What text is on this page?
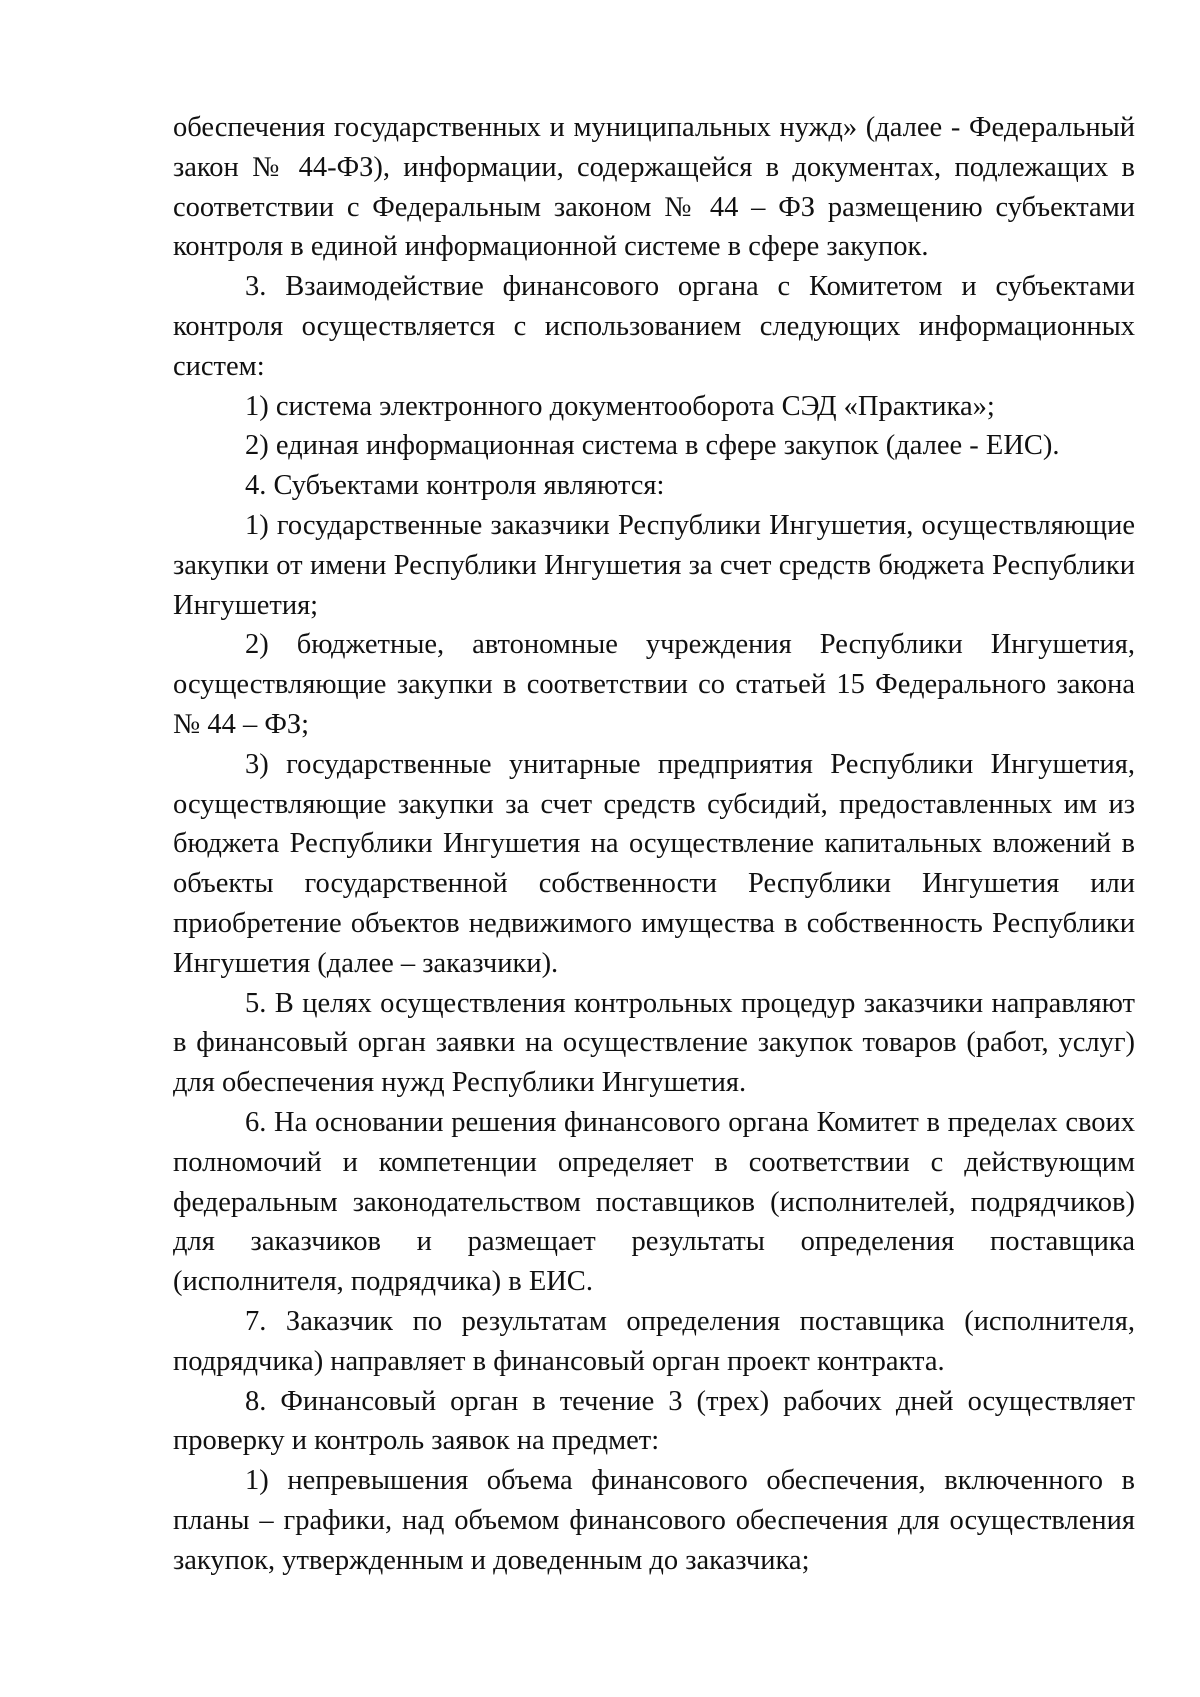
обеспечения государственных и муниципальных нужд» (далее - Федеральный закон № 44-ФЗ), информации, содержащейся в документах, подлежащих в соответствии с Федеральным законом № 44 – ФЗ размещению субъектами контроля в единой информационной системе в сфере закупок.

3. Взаимодействие финансового органа с Комитетом и субъектами контроля осуществляется с использованием следующих информационных систем:

1) система электронного документооборота СЭД «Практика»;

2) единая информационная система в сфере закупок (далее - ЕИС).

4. Субъектами контроля являются:

1) государственные заказчики Республики Ингушетия, осуществляющие закупки от имени Республики Ингушетия за счет средств бюджета Республики Ингушетия;

2) бюджетные, автономные учреждения Республики Ингушетия, осуществляющие закупки в соответствии со статьей 15 Федерального закона № 44 – ФЗ;

3) государственные унитарные предприятия Республики Ингушетия, осуществляющие закупки за счет средств субсидий, предоставленных им из бюджета Республики Ингушетия на осуществление капитальных вложений в объекты государственной собственности Республики Ингушетия или приобретение объектов недвижимого имущества в собственность Республики Ингушетия (далее – заказчики).

5. В целях осуществления контрольных процедур заказчики направляют в финансовый орган заявки на осуществление закупок товаров (работ, услуг) для обеспечения нужд Республики Ингушетия.

6. На основании решения финансового органа Комитет в пределах своих полномочий и компетенции определяет в соответствии с действующим федеральным законодательством поставщиков (исполнителей, подрядчиков) для заказчиков и размещает результаты определения поставщика (исполнителя, подрядчика) в ЕИС.

7. Заказчик по результатам определения поставщика (исполнителя, подрядчика) направляет в финансовый орган проект контракта.

8. Финансовый орган в течение 3 (трех) рабочих дней осуществляет проверку и контроль заявок на предмет:

1) непревышения объема финансового обеспечения, включенного в планы – графики, над объемом финансового обеспечения для осуществления закупок, утвержденным и доведенным до заказчика;
